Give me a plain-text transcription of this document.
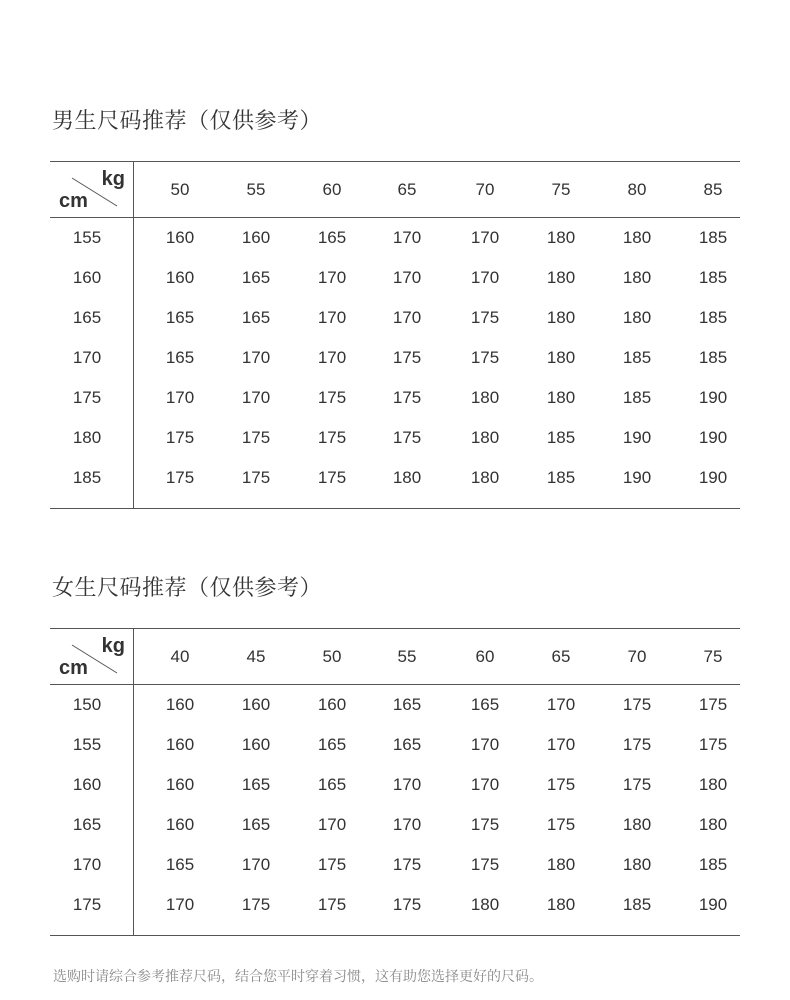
男生尺码推荐（仅供参考）
kg
cm
50	55	60	65	70	75	80	85
155	160	160	165	170	170	180	180	185
160	160	165	170	170	170	180	180	185
165	165	165	170	170	175	180	180	185
170	165	170	170	175	175	180	185	185
175	170	170	175	175	180	180	185	190
180	175	175	175	175	180	185	190	190
185	175	175	175	180	180	185	190	190
女生尺码推荐（仅供参考）
kg
cm
40	45	50	55	60	65	70	75
150	160	160	160	165	165	170	175	175
155	160	160	165	165	170	170	175	175
160	160	165	165	170	170	175	175	180
165	160	165	170	170	175	175	180	180
170	165	170	175	175	175	180	180	185
175	170	175	175	175	180	180	185	190

选购时请综合参考推荐尺码，结合您平时穿着习惯，这有助您选择更好的尺码。
